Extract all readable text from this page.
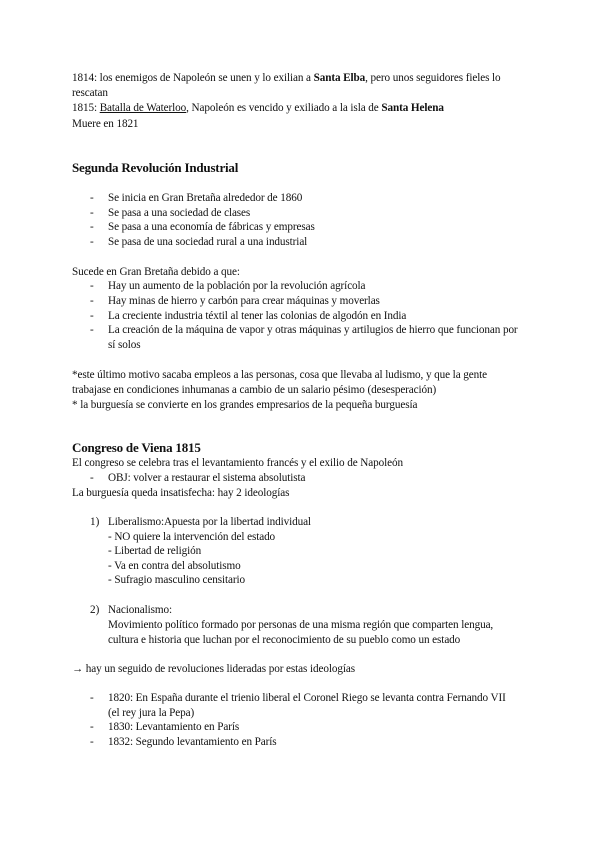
1814: los enemigos de Napoleón se unen y lo exilian a Santa Elba, pero unos seguidores fieles lo
rescatan
1815: Batalla de Waterloo, Napoleón es vencido y exiliado a la isla de Santa Helena
Muere en 1821
Segunda Revolución Industrial
- Se inicia en Gran Bretaña alrededor de 1860
- Se pasa a una sociedad de clases
- Se pasa a una economía de fábricas y empresas
- Se pasa de una sociedad rural a una industrial
Sucede en Gran Bretaña debido a que:
- Hay un aumento de la población por la revolución agrícola
- Hay minas de hierro y carbón para crear máquinas y moverlas
- La creciente industria téxtil al tener las colonias de algodón en India
- La creación de la máquina de vapor y otras máquinas y artilugios de hierro que funcionan por
sí solos
*este último motivo sacaba empleos a las personas, cosa que llevaba al ludismo, y que la gente
trabajase en condiciones inhumanas a cambio de un salario pésimo (desesperación)
* la burguesía se convierte en los grandes empresarios de la pequeña burguesía
Congreso de Viena 1815
El congreso se celebra tras el levantamiento francés y el exilio de Napoleón
- OBJ: volver a restaurar el sistema absolutista
La burguesía queda insatisfecha: hay 2 ideologías
1) Liberalismo:Apuesta por la libertad individual
- NO quiere la intervención del estado
- Libertad de religión
- Va en contra del absolutismo
- Sufragio masculino censitario
2) Nacionalismo:
Movimiento político formado por personas de una misma región que comparten lengua,
cultura e historia que luchan por el reconocimiento de su pueblo como un estado
→ hay un seguido de revoluciones lideradas por estas ideologías
- 1820: En España durante el trienio liberal el Coronel Riego se levanta contra Fernando VII
(el rey jura la Pepa)
- 1830: Levantamiento en París
- 1832: Segundo levantamiento en París
